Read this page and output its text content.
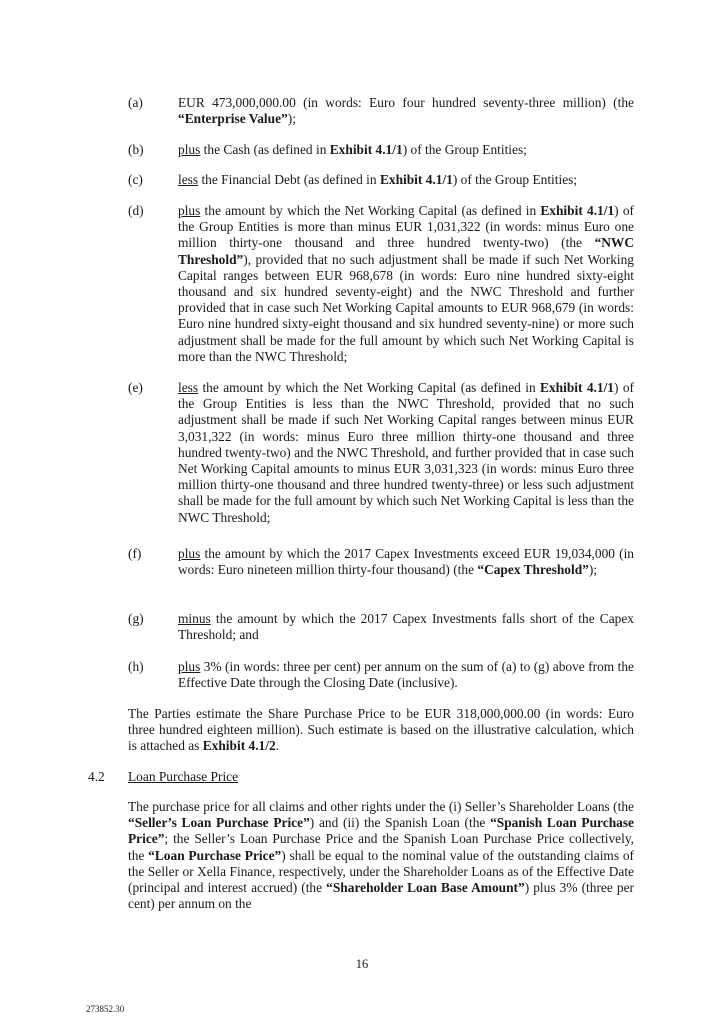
(a)	EUR 473,000,000.00 (in words: Euro four hundred seventy-three million) (the “Enterprise Value”);
(b)	plus the Cash (as defined in Exhibit 4.1/1) of the Group Entities;
(c)	less the Financial Debt (as defined in Exhibit 4.1/1) of the Group Entities;
(d)	plus the amount by which the Net Working Capital (as defined in Exhibit 4.1/1) of the Group Entities is more than minus EUR 1,031,322 (in words: minus Euro one million thirty-one thousand and three hundred twenty-two) (the “NWC Threshold”), provided that no such adjustment shall be made if such Net Working Capital ranges between EUR 968,678 (in words: Euro nine hundred sixty-eight thousand and six hundred seventy-eight) and the NWC Threshold and further provided that in case such Net Working Capital amounts to EUR 968,679 (in words: Euro nine hundred sixty-eight thousand and six hundred seventy-nine) or more such adjustment shall be made for the full amount by which such Net Working Capital is more than the NWC Threshold;
(e)	less the amount by which the Net Working Capital (as defined in Exhibit 4.1/1) of the Group Entities is less than the NWC Threshold, provided that no such adjustment shall be made if such Net Working Capital ranges between minus EUR 3,031,322 (in words: minus Euro three million thirty-one thousand and three hundred twenty-two) and the NWC Threshold, and further provided that in case such Net Working Capital amounts to minus EUR 3,031,323 (in words: minus Euro three million thirty-one thousand and three hundred twenty-three) or less such adjustment shall be made for the full amount by which such Net Working Capital is less than the NWC Threshold;
(f)	plus the amount by which the 2017 Capex Investments exceed EUR 19,034,000 (in words: Euro nineteen million thirty-four thousand) (the “Capex Threshold”);
(g)	minus the amount by which the 2017 Capex Investments falls short of the Capex Threshold; and
(h)	plus 3% (in words: three per cent) per annum on the sum of (a) to (g) above from the Effective Date through the Closing Date (inclusive).
The Parties estimate the Share Purchase Price to be EUR 318,000,000.00 (in words: Euro three hundred eighteen million). Such estimate is based on the illustrative calculation, which is attached as Exhibit 4.1/2.
4.2 Loan Purchase Price
The purchase price for all claims and other rights under the (i) Seller’s Shareholder Loans (the “Seller’s Loan Purchase Price”) and (ii) the Spanish Loan (the “Spanish Loan Purchase Price”; the Seller’s Loan Purchase Price and the Spanish Loan Purchase Price collectively, the “Loan Purchase Price”) shall be equal to the nominal value of the outstanding claims of the Seller or Xella Finance, respectively, under the Shareholder Loans as of the Effective Date (principal and interest accrued) (the “Shareholder Loan Base Amount”) plus 3% (three per cent) per annum on the
16
273852.30
